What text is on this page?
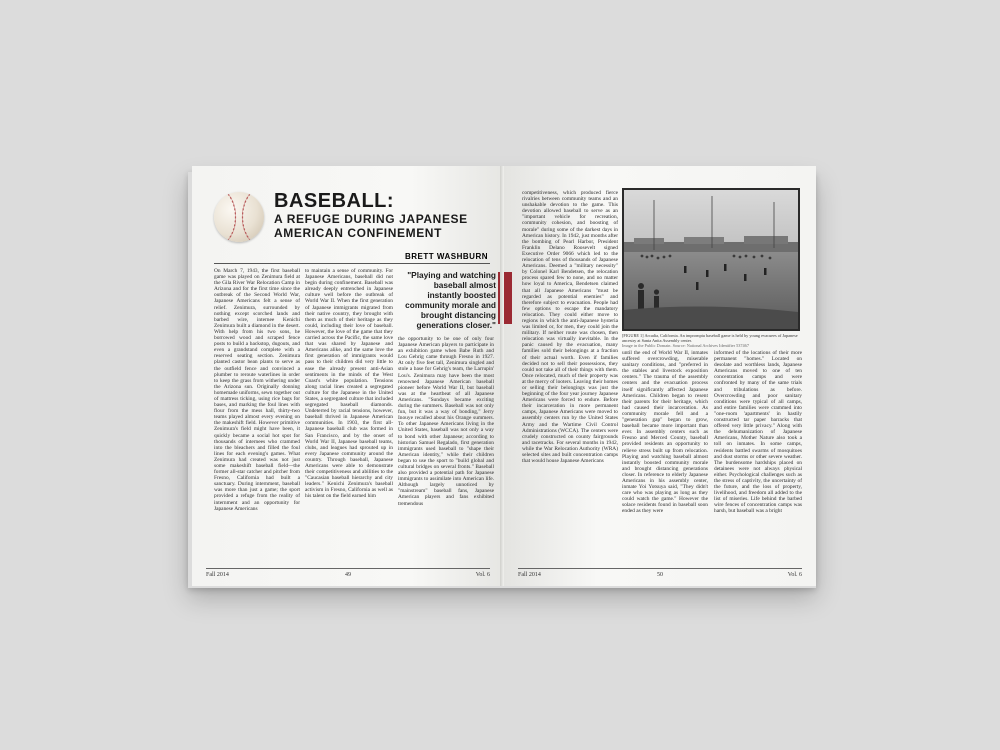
BASEBALL:
A REFUGE DURING JAPANESE
AMERICAN CONFINEMENT
BRETT WASHBURN

On March 7, 1943, the first baseball game was played on Zenimura field at the Gila River War Relocation Camp in Arizona and for the first time since the outbreak of the Second World War, Japanese Americans felt a sense of relief. Zenimura, surrounded by nothing except scorched lands and barbed wire, internee Kenichi Zenimura built a diamond in the desert. With help from his two sons, he borrowed wood and scraped fence posts to build a backstop, dugouts, and even a grandstand complete with a reserved seating section. Zenimura planted castor bean plants to serve as the outfield fence and convinced a plumber to reroute waterlines in order to keep the grass from withering under the Arizona sun. Originally donning homemade uniforms, sewn together out of mattress ticking, using rice bags for bases, and marking the foul lines with flour from the mess hall, thirty-two teams played almost every evening on the makeshift field. However primitive Zenimura's field might have been, it quickly became a social hot spot for thousands of internees who crammed into the bleachers and filled the foul lines for each evening's games. What Zenimura had created was not just some makeshift baseball field—the former all-star catcher and pitcher from Fresno, California had built a sanctuary. During internment, baseball was more than just a game; the sport provided a refuge from the reality of internment and an opportunity for Japanese Americans

to maintain a sense of community. For Japanese Americans, baseball did not begin during confinement. Baseball was already deeply entrenched in Japanese culture well before the outbreak of World War II. When the first generation of Japanese immigrants migrated from their native country, they brought with them as much of their heritage as they could, including their love of baseball. However, the love of the game that they carried across the Pacific, the same love that was shared by Japanese and Americans alike, and the same love the first generation of immigrants would pass to their children did very little to ease the already present anti-Asian sentiments in the minds of the West Coast's white population. Tensions along racial lines created a segregated culture for the Japanese in the United States, a segregated culture that included segregated baseball diamonds. Undeterred by racial tensions, however, baseball thrived in Japanese American communities. In 1903, the first all-Japanese baseball club was formed in San Francisco, and by the onset of World War II, Japanese baseball teams, clubs, and leagues had sprouted up in every Japanese community around the country. Through baseball, Japanese Americans were able to demonstrate their competitiveness and abilities to the "Caucasian baseball hierarchy and city leaders." Kenichi Zenimura's baseball activism in Fresno, California as well as his talent on the field earned him

"Playing and watching baseball almost instantly boosted community morale and brought distancing generations closer."

the opportunity to be one of only four Japanese American players to participate in an exhibition game when Babe Ruth and Lou Gehrig came through Fresno in 1927. At only five feet tall, Zenimura singled and stole a base for Gehrig's team, the Larrupin' Lou's. Zenimura may have been the most renowned Japanese American baseball pioneer before World War II, but baseball was at the heartbeat of all Japanese Americans. "Sundays became exciting during the summers. Baseball was not only fun, but it was a way of bonding," Jerry Inouye recalled about his Orange summers. To other Japanese Americans living in the United States, baseball was not only a way to bond with other Japanese; according to historian Samuel Regalado, first generation immigrants used baseball to "shape their American identity," while their children began to use the sport to "build global and cultural bridges on several fronts." Baseball also provided a potential path for Japanese immigrants to assimilate into American life. Although largely unnoticed by "mainstream" baseball fans, Japanese American players and fans exhibited tremendous

Fall 2014	49	Vol. 6

competitiveness, which produced fierce rivalries between community teams and an unshakable devotion to the game. This devotion allowed baseball to serve as an "important vehicle for recreation, community cohesion, and boosting of morale" during some of the darkest days in American history. In 1942, just months after the bombing of Pearl Harbor, President Franklin Delano Roosevelt signed Executive Order 9066 which led to the relocation of tens of thousands of Japanese Americans. Deemed a "military necessity" by Colonel Karl Bendetsen, the relocation process spared few to none, and no matter how loyal to America, Bendetsen claimed that all Japanese Americans "must be regarded as potential enemies" and therefore subject to evacuation. People had few options to escape the mandatory relocation. They could either move to regions in which the anti-Japanese hysteria was limited or, for men, they could join the military. If neither route was chosen, then relocation was virtually inevitable. In the panic caused by the evacuation, many families sold their belongings at a fraction of their actual worth. Even if families decided not to sell their possessions, they could not take all of their things with them. Once relocated, much of their property was at the mercy of looters. Leaving their homes or selling their belongings was just the beginning of the four year journey Japanese Americans were forced to endure. Before their incarceration in more permanent camps, Japanese Americans were moved to assembly centers run by the United States Army and the Wartime Civil Control Administrations (WCCA). The centers were crudely constructed on county fairgrounds and racetracks. For several months in 1942, while the War Relocation Authority (WRA) selected sites and built concentration camps that would house Japanese Americans

[FIGURE 1] Arcadia, California. An impromptu baseball game is held by young evacuees of Japanese ancestry at Santa Anita Assembly center.
Image in the Public Domain. Source: National Archives Identifier 537467

until the end of World War II, inmates suffered overcrowding, miserable sanitary conditions, and "preferred in the stables and livestock exposition centers." The trauma of the assembly centers and the evacuation process itself significantly affected Japanese Americans. Children began to resent their parents for their heritage, which had caused their incarceration. As community morale fell and a "generation gap" began to grow, baseball became more important than ever. In assembly centers such as Fresno and Merced County, baseball provided residents an opportunity to relieve stress built up from relocation. Playing and watching baseball almost instantly boosted community morale and brought distancing generations closer. In reference to elderly Japanese Americans in his assembly center, inmate Yoi Yotsuya said, "They didn't care who was playing as long as they could watch the game." However the solace residents found in baseball soon ended as they were

informed of the locations of their more permanent "homes." Located on desolate and worthless lands, Japanese Americans moved to one of ten concentration camps and were confronted by many of the same trials and tribulations as before. Overcrowding and poor sanitary conditions were typical of all camps, and entire families were crammed into "one-room 'apartments' in hastily constructed tar paper barracks that offered very little privacy." Along with the dehumanization of Japanese Americans, Mother Nature also took a toll on inmates. In some camps, residents battled swarms of mosquitoes and dust storms or other severe weather. The burdensome hardships placed on detainees were not always physical either. Psychological challenges such as the stress of captivity, the uncertainty of the future, and the loss of property, livelihood, and freedom all added to the list of miseries. Life behind the barbed wire fences of concentration camps was harsh, but baseball was a bright

Fall 2014	50	Vol. 6
